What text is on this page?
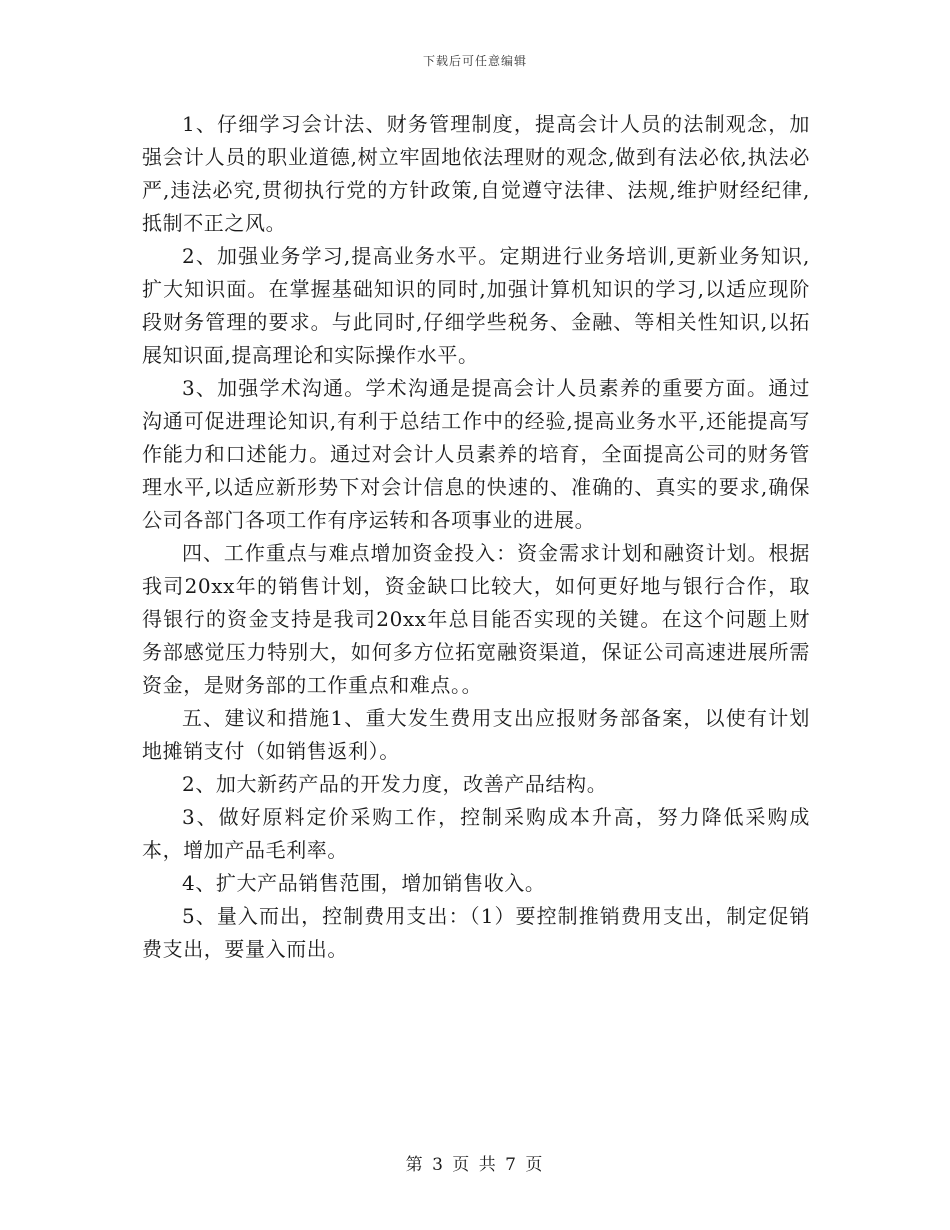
下载后可任意编辑

1、仔细学习会计法、财务管理制度，提高会计人员的法制观念，加强会计人员的职业道德,树立牢固地依法理财的观念,做到有法必依,执法必严,违法必究,贯彻执行党的方针政策,自觉遵守法律、法规,维护财经纪律,抵制不正之风。

2、加强业务学习,提高业务水平。定期进行业务培训,更新业务知识,扩大知识面。在掌握基础知识的同时,加强计算机知识的学习,以适应现阶段财务管理的要求。与此同时,仔细学些税务、金融、等相关性知识,以拓展知识面,提高理论和实际操作水平。

3、加强学术沟通。学术沟通是提高会计人员素养的重要方面。通过沟通可促进理论知识,有利于总结工作中的经验,提高业务水平,还能提高写作能力和口述能力。通过对会计人员素养的培育，全面提高公司的财务管理水平,以适应新形势下对会计信息的快速的、准确的、真实的要求,确保公司各部门各项工作有序运转和各项事业的进展。

四、工作重点与难点增加资金投入：资金需求计划和融资计划。根据我司20xx年的销售计划，资金缺口比较大，如何更好地与银行合作，取得银行的资金支持是我司20xx年总目能否实现的关键。在这个问题上财务部感觉压力特别大，如何多方位拓宽融资渠道，保证公司高速进展所需资金，是财务部的工作重点和难点。。

五、建议和措施1、重大发生费用支出应报财务部备案，以使有计划地摊销支付（如销售返利）。

2、加大新药产品的开发力度，改善产品结构。

3、做好原料定价采购工作，控制采购成本升高，努力降低采购成本，增加产品毛利率。

4、扩大产品销售范围，增加销售收入。

5、量入而出，控制费用支出：（1）要控制推销费用支出，制定促销费支出，要量入而出。

第 3 页 共 7 页
